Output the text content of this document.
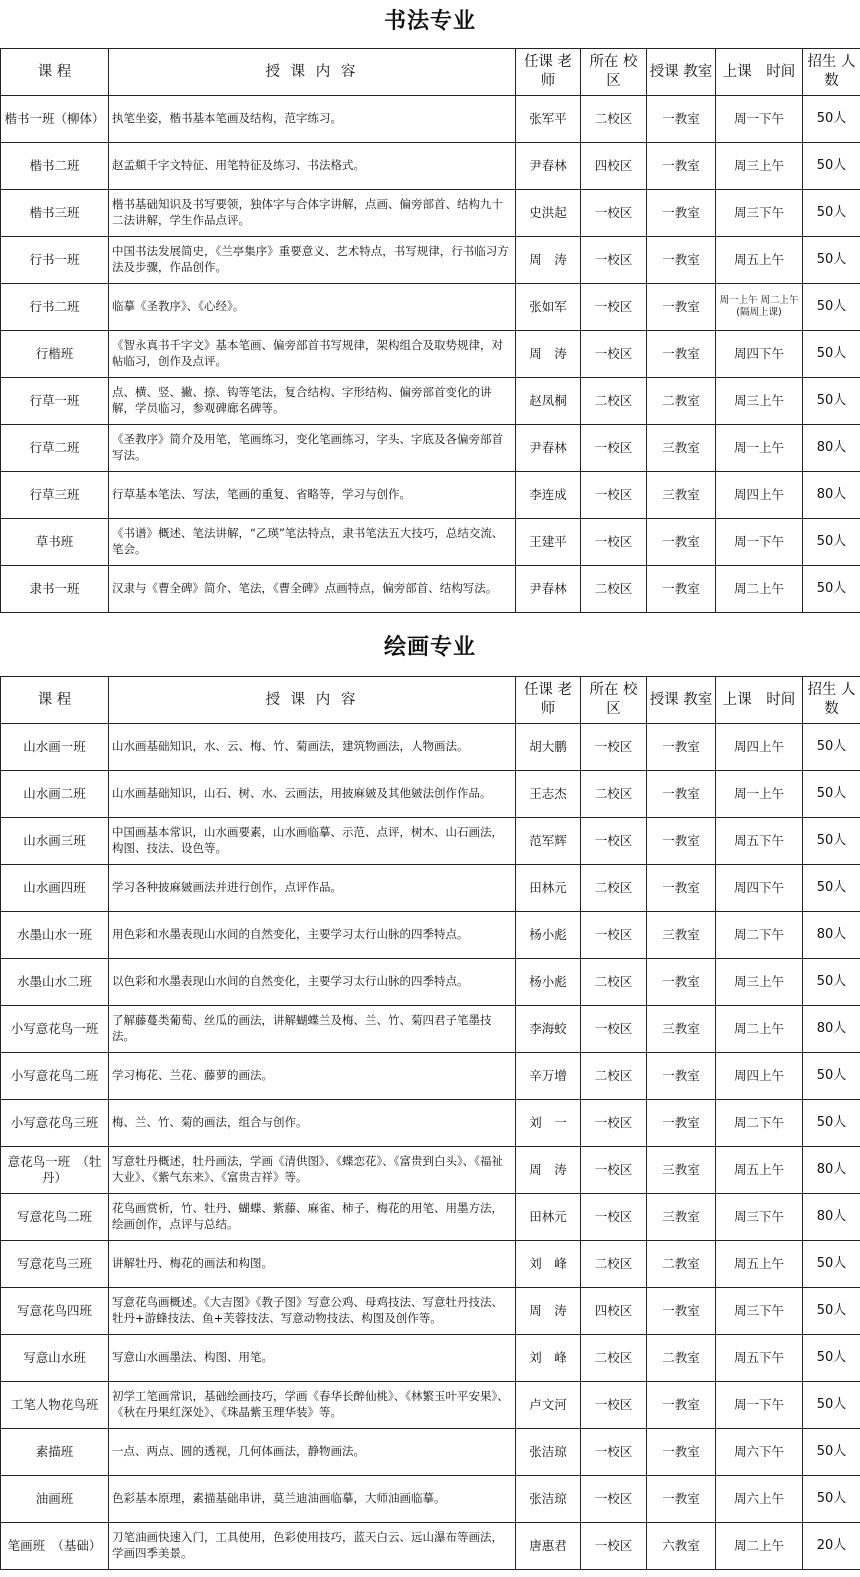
书法专业
课 程	授 课 内 容	任课 老师	所在 校区	授课 教室	上课　时间	招生 人数
楷书一班（柳体）	执笔坐姿，楷书基本笔画及结构，范字练习。	张军平	二校区	一教室	周一下午	50人
楷书二班	赵孟頫千字文特征、用笔特征及练习、书法格式。	尹春林	四校区	一教室	周三上午	50人
楷书三班	楷书基础知识及书写要领，独体字与合体字讲解，点画、偏旁部首、结构九十二法讲解，学生作品点评。	史洪起	一校区	一教室	周三下午	50人
行书一班	中国书法发展简史，《兰亭集序》重要意义、艺术特点，书写规律，行书临习方法及步骤，作品创作。	周　涛	一校区	一教室	周五上午	50人
行书二班	临摹《圣教序》、《心经》。	张如军	一校区	一教室	周一上午 周二上午 (隔周上课)	50人
行楷班	《智永真书千字文》基本笔画、偏旁部首书写规律，架构组合及取势规律，对帖临习，创作及点评。	周　涛	一校区	一教室	周四下午	50人
行草一班	点、横、竖、撇、捺、钩等笔法，复合结构、字形结构、偏旁部首变化的讲解，学员临习，参观碑廊名碑等。	赵凤桐	二校区	二教室	周三上午	50人
行草二班	《圣教序》简介及用笔，笔画练习，变化笔画练习，字头、字底及各偏旁部首写法。	尹春林	一校区	三教室	周一上午	80人
行草三班	行草基本笔法、写法，笔画的重复、省略等，学习与创作。	李连成	一校区	三教室	周四上午	80人
草书班	《书谱》概述、笔法讲解，“乙瑛”笔法特点，隶书笔法五大技巧，总结交流、笔会。	王建平	一校区	一教室	周一下午	50人
隶书一班	汉隶与《曹全碑》简介、笔法，《曹全碑》点画特点，偏旁部首、结构写法。	尹春林	二校区	一教室	周二上午	50人
绘画专业
课 程	授 课 内 容	任课 老师	所在 校区	授课 教室	上课　时间	招生 人数
山水画一班	山水画基础知识，水、云、梅、竹、菊画法，建筑物画法，人物画法。	胡大鹏	一校区	一教室	周四上午	50人
山水画二班	山水画基础知识，山石、树、水、云画法，用披麻皴及其他皴法创作作品。	王志杰	二校区	一教室	周一上午	50人
山水画三班	中国画基本常识，山水画要素，山水画临摹、示范、点评，树木、山石画法，构图、技法、设色等。	范军辉	一校区	一教室	周五下午	50人
山水画四班	学习各种披麻皴画法并进行创作，点评作品。	田林元	二校区	一教室	周四下午	50人
水墨山水一班	用色彩和水墨表现山水间的自然变化，主要学习太行山脉的四季特点。	杨小彪	一校区	三教室	周二下午	80人
水墨山水二班	以色彩和水墨表现山水间的自然变化，主要学习太行山脉的四季特点。	杨小彪	二校区	一教室	周三上午	50人
小写意花鸟一班	了解藤蔓类葡萄、丝瓜的画法，讲解蝴蝶兰及梅、兰、竹、菊四君子笔墨技法。	李海蛟	一校区	三教室	周二上午	80人
小写意花鸟二班	学习梅花、兰花、藤萝的画法。	辛万增	二校区	一教室	周四上午	50人
小写意花鸟三班	梅、兰、竹、菊的画法，组合与创作。	刘　一	一校区	一教室	周二下午	50人
意花鸟一班　（牡丹）	写意牡丹概述，牡丹画法，学画《清供图》、《蝶恋花》、《富贵到白头》、《福祉大业》、《紫气东来》、《富贵吉祥》等。	周　涛	一校区	三教室	周五上午	80人
写意花鸟二班	花鸟画赏析，竹、牡丹、蝴蝶、紫藤、麻雀、柿子、梅花的用笔、用墨方法，绘画创作，点评与总结。	田林元	一校区	三教室	周三下午	80人
写意花鸟三班	讲解牡丹、梅花的画法和构图。	刘　峰	二校区	二教室	周五上午	50人
写意花鸟四班	写意花鸟画概述。《大吉图》《教子图》写意公鸡、母鸡技法、写意牡丹技法、牡丹+游蜂技法、鱼+芙蓉技法、写意动物技法、构图及创作等。	周　涛	四校区	一教室	周三下午	50人
写意山水班	写意山水画墨法、构图、用笔。	刘　峰	二校区	二教室	周五下午	50人
工笔人物花鸟班	初学工笔画常识，基础绘画技巧，学画《春华长醉仙桃》、《林繁玉叶平安果》、《秋在丹果红深处》、《珠晶紫玉理华装》等。	卢文河	一校区	一教室	周一下午	50人
素描班	一点、两点、圆的透视，几何体画法，静物画法。	张洁琼	一校区	一教室	周六下午	50人
油画班	色彩基本原理，素描基础串讲，莫兰迪油画临摹，大师油画临摹。	张洁琼	一校区	一教室	周六上午	50人
笔画班　（基础）	刀笔油画快速入门，工具使用，色彩使用技巧，蓝天白云、远山瀑布等画法，学画四季美景。	唐惠君	一校区	六教室	周二上午	20人
